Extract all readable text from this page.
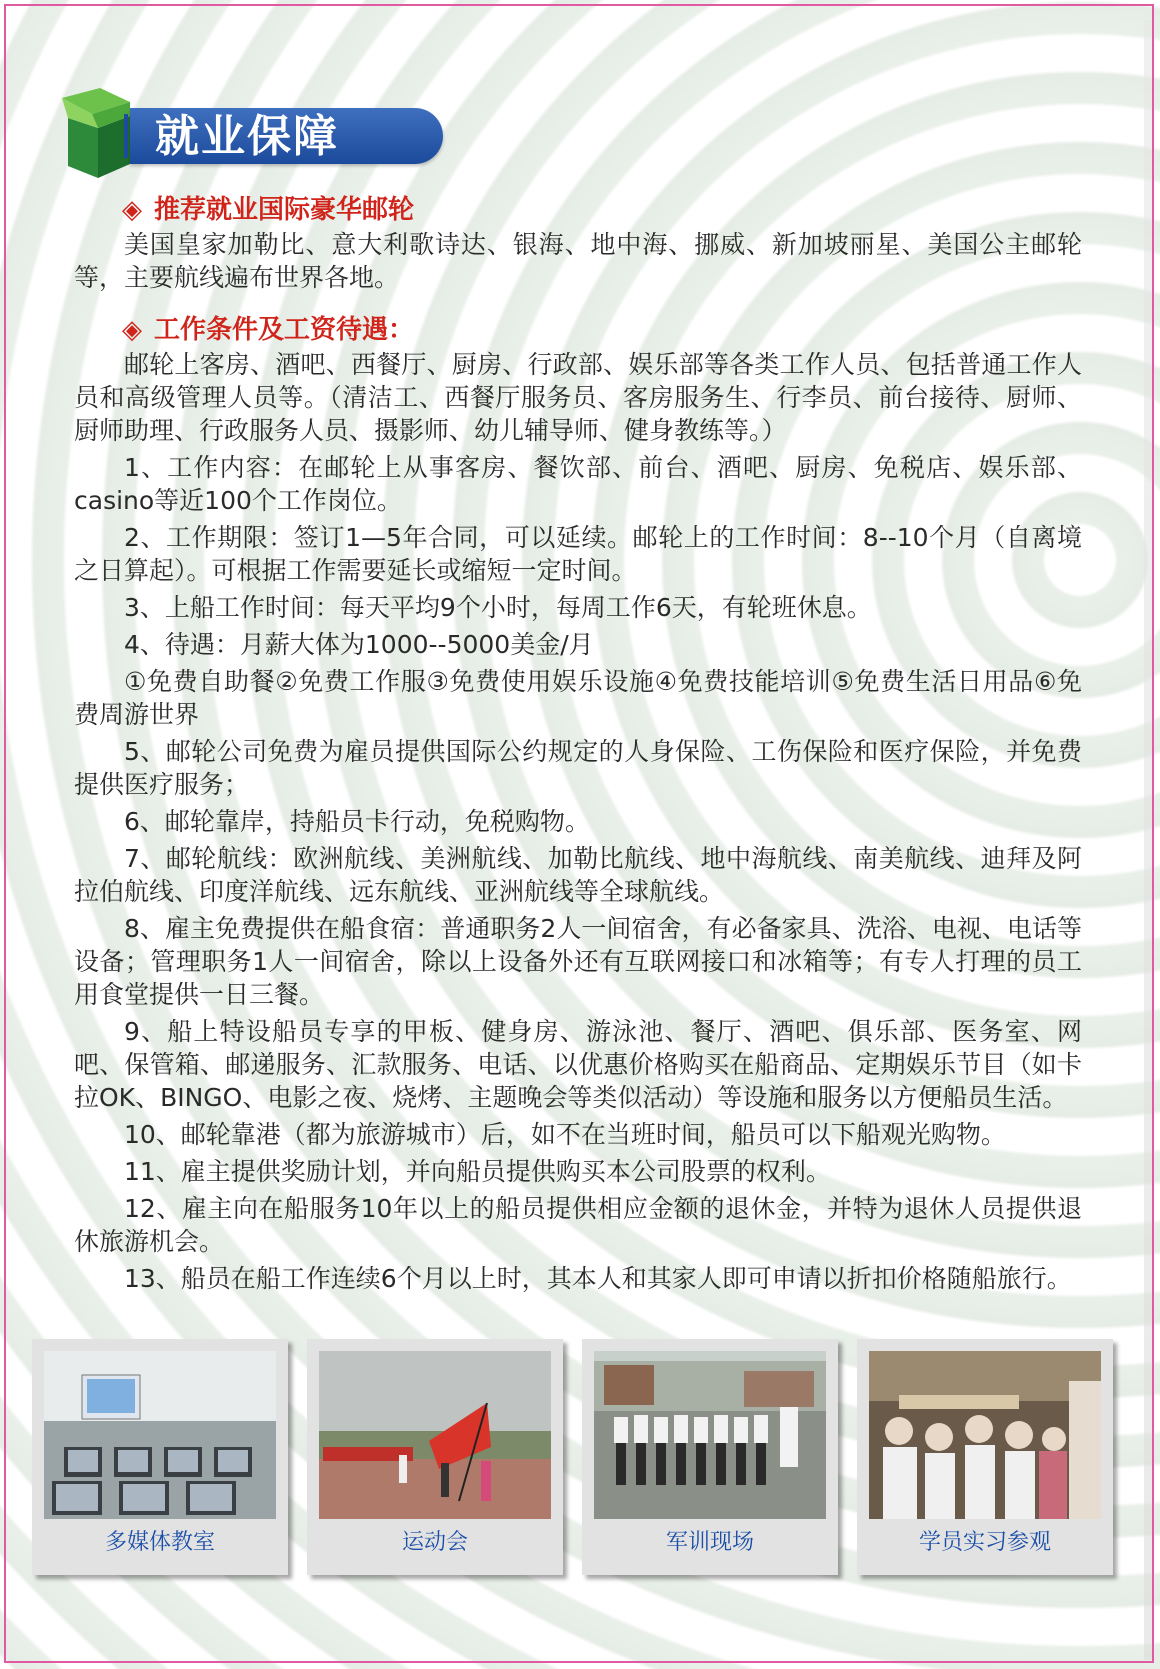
就业保障
◈ 推荐就业国际豪华邮轮

美国皇家加勒比、意大利歌诗达、银海、地中海、挪威、新加坡丽星、美国公主邮轮等，主要航线遍布世界各地。

◈ 工作条件及工资待遇：

邮轮上客房、酒吧、西餐厅、厨房、行政部、娱乐部等各类工作人员、包括普通工作人员和高级管理人员等。（清洁工、西餐厅服务员、客房服务生、行李员、前台接待、厨师、厨师助理、行政服务人员、摄影师、幼儿辅导师、健身教练等。）

1、工作内容：在邮轮上从事客房、餐饮部、前台、酒吧、厨房、免税店、娱乐部、casino等近100个工作岗位。

2、工作期限：签订1—5年合同，可以延续。邮轮上的工作时间：8--10个月（自离境之日算起）。可根据工作需要延长或缩短一定时间。

3、上船工作时间：每天平均9个小时，每周工作6天，有轮班休息。

4、待遇：月薪大体为1000--5000美金/月

①免费自助餐②免费工作服③免费使用娱乐设施④免费技能培训⑤免费生活日用品⑥免费周游世界

5、邮轮公司免费为雇员提供国际公约规定的人身保险、工伤保险和医疗保险，并免费提供医疗服务；

6、邮轮靠岸，持船员卡行动，免税购物。

7、邮轮航线：欧洲航线、美洲航线、加勒比航线、地中海航线、南美航线、迪拜及阿拉伯航线、印度洋航线、远东航线、亚洲航线等全球航线。

8、雇主免费提供在船食宿：普通职务2人一间宿舍，有必备家具、洗浴、电视、电话等设备；管理职务1人一间宿舍，除以上设备外还有互联网接口和冰箱等；有专人打理的员工用食堂提供一日三餐。

9、船上特设船员专享的甲板、健身房、游泳池、餐厅、酒吧、俱乐部、医务室、网吧、保管箱、邮递服务、汇款服务、电话、以优惠价格购买在船商品、定期娱乐节目（如卡拉OK、BINGO、电影之夜、烧烤、主题晚会等类似活动）等设施和服务以方便船员生活。

10、邮轮靠港（都为旅游城市）后，如不在当班时间，船员可以下船观光购物。

11、雇主提供奖励计划，并向船员提供购买本公司股票的权利。

12、雇主向在船服务10年以上的船员提供相应金额的退休金，并特为退休人员提供退休旅游机会。

13、船员在船工作连续6个月以上时，其本人和其家人即可申请以折扣价格随船旅行。

多媒体教室	运动会	军训现场	学员实习参观
